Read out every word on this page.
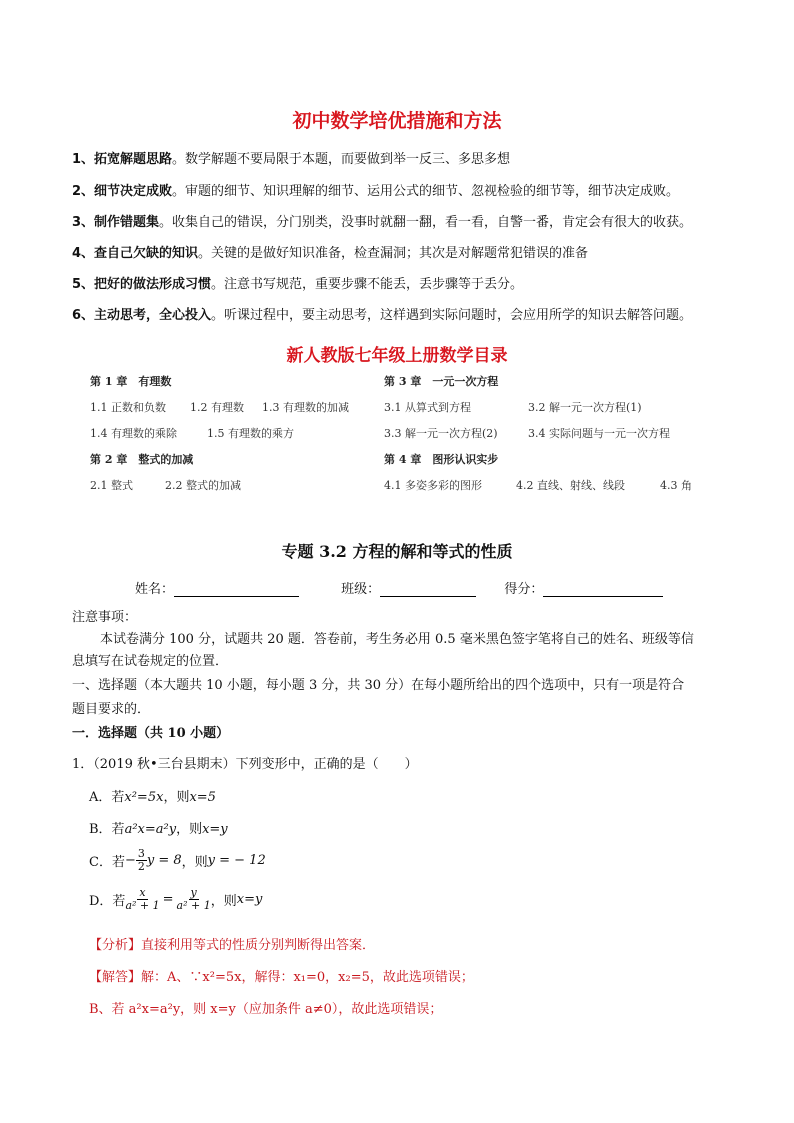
初中数学培优措施和方法
1、拓宽解题思路。数学解题不要局限于本题，而要做到举一反三、多思多想
2、细节决定成败。审题的细节、知识理解的细节、运用公式的细节、忽视检验的细节等，细节决定成败。
3、制作错题集。收集自己的错误，分门别类，没事时就翻一翻，看一看，自警一番，肯定会有很大的收获。
4、查自己欠缺的知识。关键的是做好知识准备，检查漏洞；其次是对解题常犯错误的准备
5、把好的做法形成习惯。注意书写规范，重要步骤不能丢，丢步骤等于丢分。
6、主动思考，全心投入。听课过程中，要主动思考，这样遇到实际问题时，会应用所学的知识去解答问题。
新人教版七年级上册数学目录
第 1 章　有理数
1.1 正数和负数 1.2 有理数 1.3 有理数的加减
1.4 有理数的乘除	1.5 有理数的乘方
第 2 章　整式的加减
2.1 整式	2.2 整式的加减
第 3 章　一元一次方程
3.1 从算式到方程	3.2 解一元一次方程(1)
3.3 解一元一次方程(2)	3.4 实际问题与一元一次方程
第 4 章　图形认识实步
4.1 多姿多彩的图形	4.2 直线、射线、线段	4.3 角
专题 3.2 方程的解和等式的性质
姓名：	班级：	得分：
注意事项：
本试卷满分 100 分，试题共 20 题．答卷前，考生务必用 0.5 毫米黑色签字笔将自己的姓名、班级等信
息填写在试卷规定的位置．
一、选择题（本大题共 10 小题，每小题 3 分，共 30 分）在每小题所给出的四个选项中，只有一项是符合
题目要求的．
一．选择题（共 10 小题）
1．（2019 秋•三台县期末）下列变形中，正确的是（　　）
A．若x²=5x，则x=5
B．若a²x=a²y，则x=y
C．若 − $\frac{3}{2}$ y = 8 ，则 y = − 12
D．若 $\frac{x}{\text{a² + 1}} = \frac{y}{\text{a² + 1}}$ ，则 x=y
【分析】直接利用等式的性质分别判断得出答案．
【解答】解：A、∵x²=5x，解得：x₁=0，x₂=5，故此选项错误；
B、若 a²x=a²y，则 x=y（应加条件 a≠0），故此选项错误；
